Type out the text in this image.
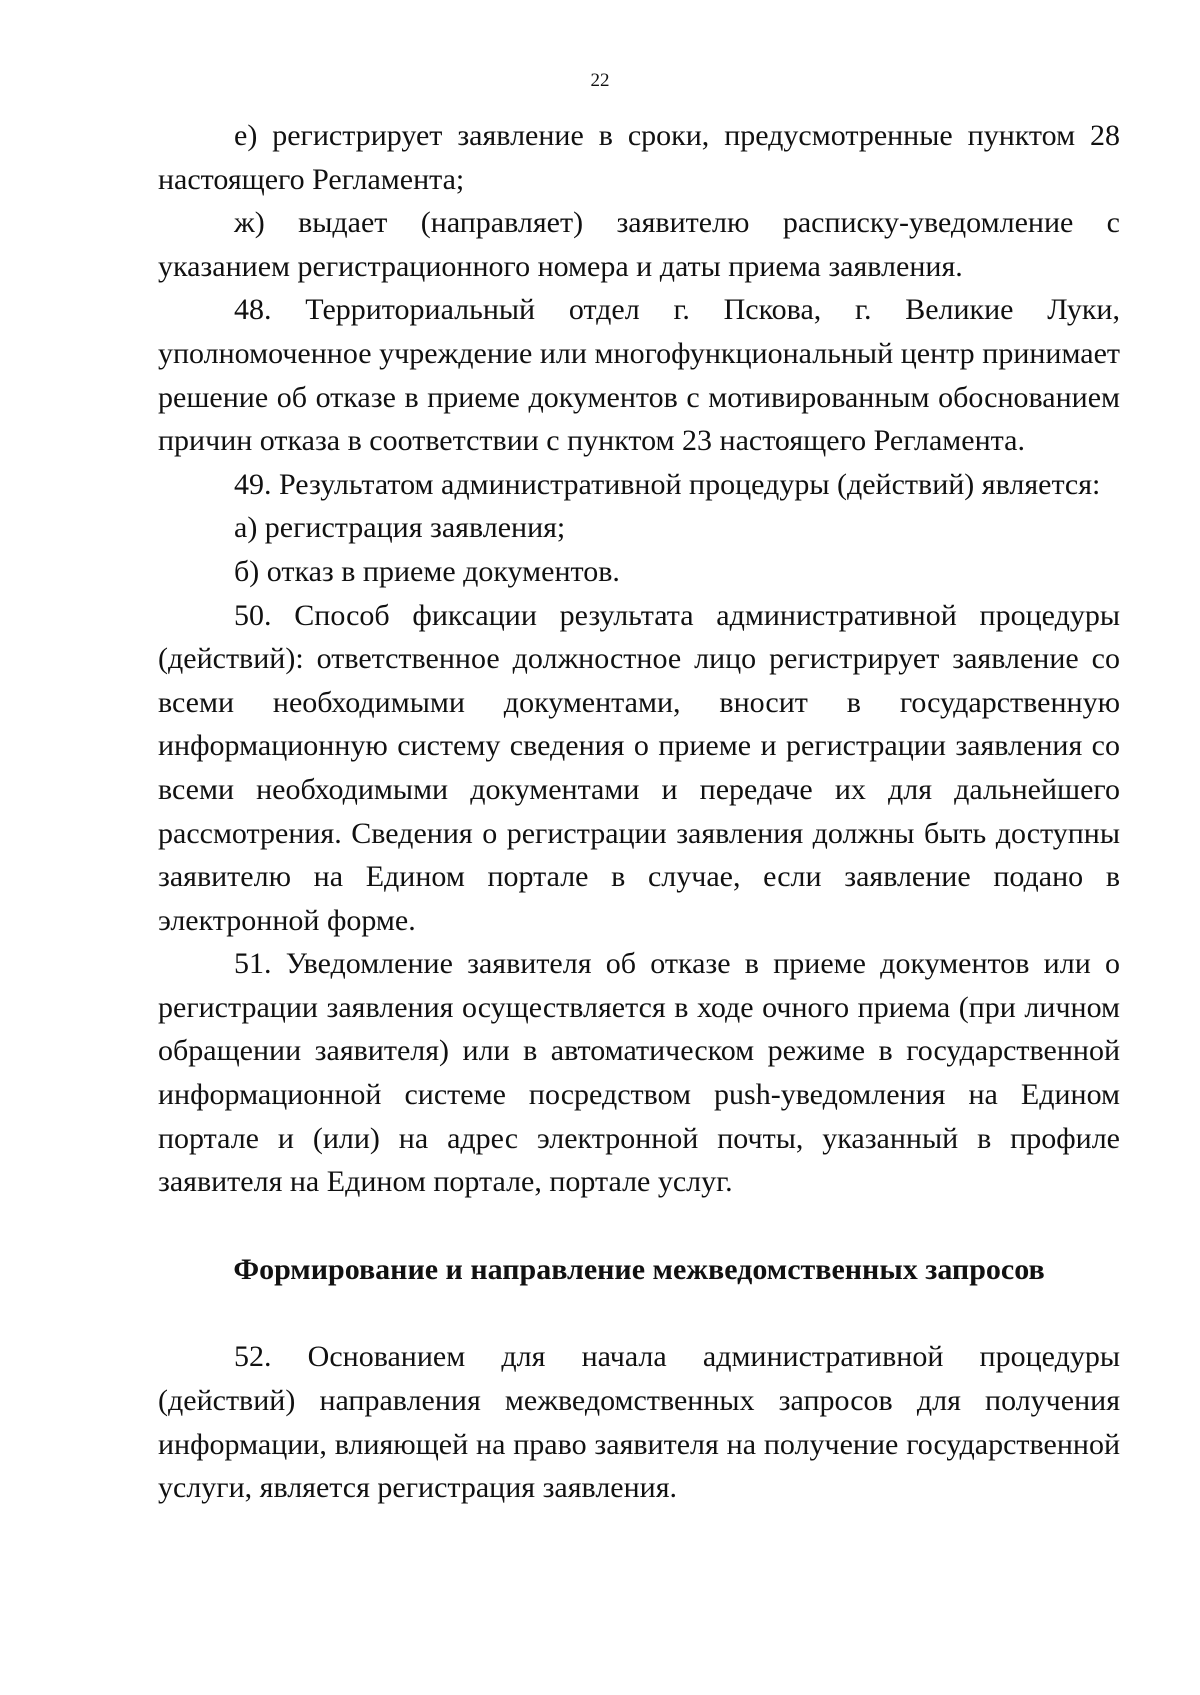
22

е) регистрирует заявление в сроки, предусмотренные пунктом 28 настоящего Регламента;

ж) выдает (направляет) заявителю расписку-уведомление с указанием регистрационного номера и даты приема заявления.

48. Территориальный отдел г. Пскова, г. Великие Луки, уполномоченное учреждение или многофункциональный центр принимает решение об отказе в приеме документов с мотивированным обоснованием причин отказа в соответствии с пунктом 23 настоящего Регламента.

49. Результатом административной процедуры (действий) является:

а) регистрация заявления;

б) отказ в приеме документов.

50. Способ фиксации результата административной процедуры (действий): ответственное должностное лицо регистрирует заявление со всеми необходимыми документами, вносит в государственную информационную систему сведения о приеме и регистрации заявления со всеми необходимыми документами и передаче их для дальнейшего рассмотрения. Сведения о регистрации заявления должны быть доступны заявителю на Едином портале в случае, если заявление подано в электронной форме.

51. Уведомление заявителя об отказе в приеме документов или о регистрации заявления осуществляется в ходе очного приема (при личном обращении заявителя) или в автоматическом режиме в государственной информационной системе посредством push-уведомления на Едином портале и (или) на адрес электронной почты, указанный в профиле заявителя на Едином портале, портале услуг.

Формирование и направление межведомственных запросов

52. Основанием для начала административной процедуры (действий) направления межведомственных запросов для получения информации, влияющей на право заявителя на получение государственной услуги, является регистрация заявления.
